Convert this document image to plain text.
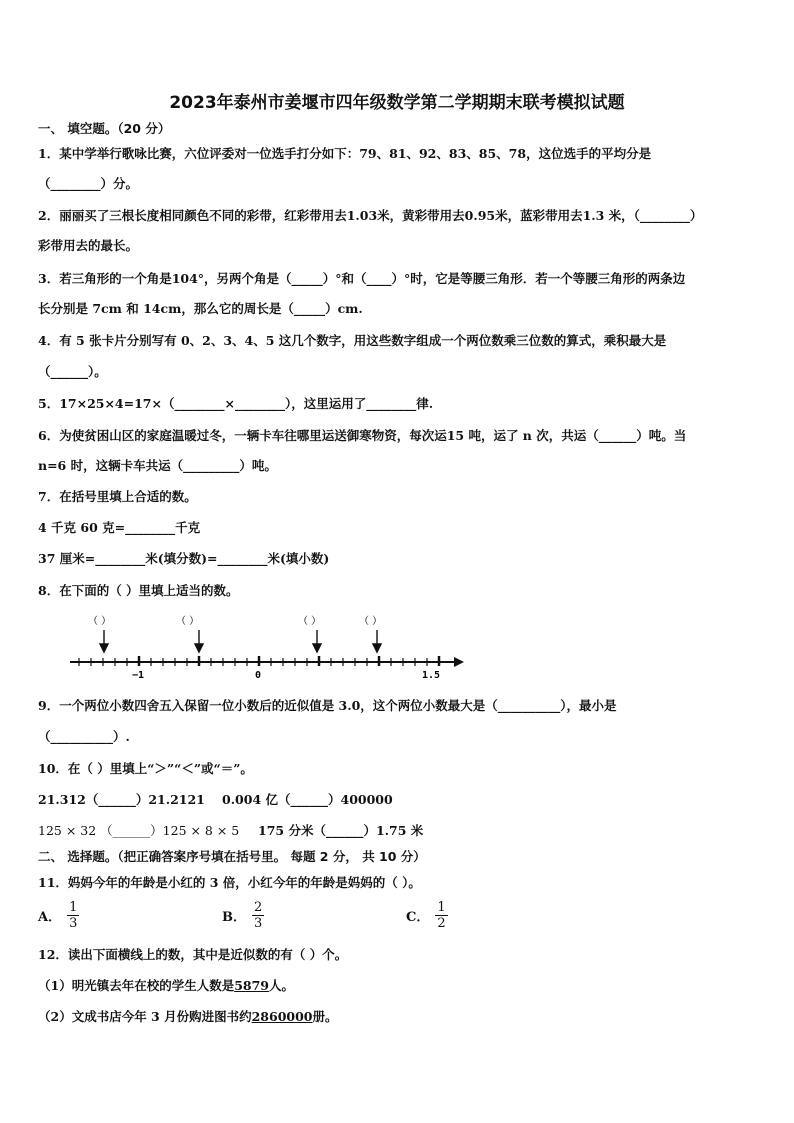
2023年泰州市姜堰市四年级数学第二学期期末联考模拟试题
一、 填空题。（20 分）
1．某中学举行歌咏比赛，六位评委对一位选手打分如下：79、81、92、83、85、78，这位选手的平均分是
（________）分。
2．丽丽买了三根长度相同颜色不同的彩带，红彩带用去1.03米，黄彩带用去0.95米，蓝彩带用去1.3 米，（________）
彩带用去的最长。
3．若三角形的一个角是104°，另两个角是（_____）°和（____）°时，它是等腰三角形．若一个等腰三角形的两条边
长分别是 7cm 和 14cm，那么它的周长是（_____）cm.
4．有 5 张卡片分别写有 0、2、3、4、5 这几个数字，用这些数字组成一个两位数乘三位数的算式，乘积最大是
（______）。
5．17×25×4=17×（________×________），这里运用了________律.
6．为使贫困山区的家庭温暖过冬，一辆卡车往哪里运送御寒物资，每次运15 吨，运了 n 次，共运（______）吨。当
n=6 时，这辆卡车共运（_________）吨。
7．在括号里填上合适的数。
4 千克 60 克=________千克
37 厘米=________米(填分数)=________米(填小数)
8．在下面的（ ）里填上适当的数。
（ ）	（ ）	（ ）	（ ）
−1	0	1.5
9．一个两位小数四舍五入保留一位小数后的近似值是 3.0，这个两位小数最大是（__________），最小是
（__________）.
10．在（ ）里填上“＞”“＜”或“＝”。
21.312（______）21.2121 0.004 亿（______）400000
125 × 32 （______）125 × 8 × 5 175 分米（______）1.75 米
二、 选择题。（把正确答案序号填在括号里。 每题 2 分， 共 10 分）
11．妈妈今年的年龄是小红的 3 倍，小红今年的年龄是妈妈的（ ）。
A． $\frac{1}{3}$	B． $\frac{2}{3}$	C． $\frac{1}{2}$
12．读出下面横线上的数，其中是近似数的有（ ）个。
（1）明光镇去年在校的学生人数是5879人。
（2）文成书店今年 3 月份购进图书约2860000册。
